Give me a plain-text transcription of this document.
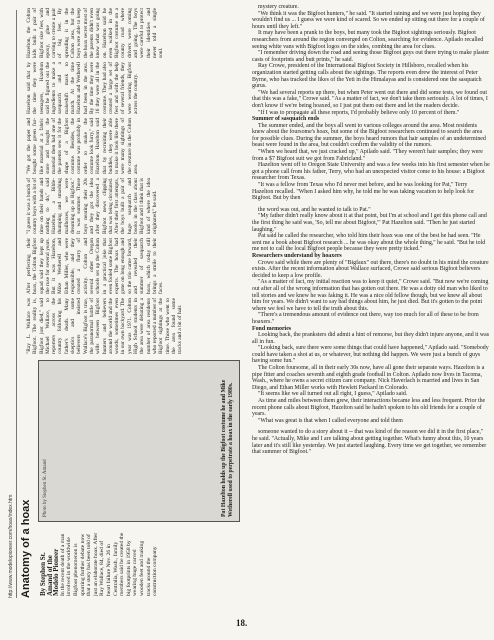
http://www.modelopioneer.com/hoax/index.htm Anatomy of a hoax By Stephen St. Amand of the Modelo Pioneer In the recent death of a man involved in the worldwide Bigfoot phenomenon is spurring further debate now that a story has been told of just an elaborate hoax. After Ray Wallace, 84, died of heart failure Nov. 26 in Centralia, Wash., family members said he created the big footprints in 1958 by wearing huge carved wooden feet and making tracks around the construction company
Photo by Stephen St. Amand	Pat Hazelton holds up the Bigfoot costume he and Mike Wetherell used to perpetrate a hoax in the early 1980s.
"Ray L. Wallace was Bigfoot. The reality is, Bigfoot just died," said Michael Wallace, to reporters across the country following his father's death. Many skeptics and some believers insisted Wallace's Bigfoot is true, the paranormal battle of wills between Bigfoot hunters and believers around the world and the woods, sometimes even in our own backyard. The year was 1971. Colton High School students in the area were debating a number of area residents who reported a number of Bigfoot sightings at the time. Those who went to the area found some tracks and a bit of hair.
After perfecting their hoax, the Colton Bigfoot squad said they kept up the ruse for several years. But it was Hazelton, Mike Wetherell and Ethan Miller, who were responsible, and they created a flurry of activity. Colton and several other Oregon schools set up the Colton in a practical joke that even fooled some Bigfoot experts. The hoax had gone on long enough and so the trio came forward, and revealed their summer of sasquatch hoax, which today still brings a smile to their faces.
"I guess it was a bunch of country boys with a lot of time on their hands and nothing to do," said Hazelton, a Bible-thumping and smashing mailboxes, we were dreaming up as Bigfoot." It was summer. Those boys nearing their 20s and they got the idea after they discovered a Bigfoot news clipping that was being circulated. After their first attempts, the boys built a pair of huge sasquatch and books in the class about Bigfoot and I think that is kind of where the idea originated," he said.
"We got the paper and bought some green fur-like material at a fabric store and bought the material then had one of the parents sew it for the shape of a Bigfoot costume. Besides, the costume was probably in order to make the costume look furry," said Hazelton. Hazelton said that by recruiting their buddies, they were able to make it look like there were many sightings of the creature in the Colton area.
Hazelton said that by the time they were teenagers, Hazelton said he figured out the ingredients to make a sasquatch and a makeshift mask to match. At the time Hazelton and Wetherell had been in the area. By the time they were 16 they were all in the costume. They had also created a large set of feet and with the help of several friends, they were wearing Bigfoot across the country.
Hazelton, the Colton kids built a pair of Bigfoot size feet, with epoxy, glue and carving to create a pair of big feet. By spreading it in the Colton area, but the boys were able to keep the hoax secret most of the parents didn't even know what was going on. Hazelton said he even walked in the Bigfoot costume on a county road where drivers were coming and going. The boys were careful to protect their identities and never told a single soul.

mystery creature.

"We think it was the Bigfoot hunters," he said. "It started raining and we were just hoping they wouldn't find us ... I guess we were kind of scared. So we ended up sitting out there for a couple of hours until they left."

It may have been a prank to the boys, but many took the Bigfoot sightings seriously. Bigfoot researchers from around the region converged on Colton, searching for evidence. Apilado recalled seeing white vans with Bigfoot logos on the sides, combing the area for clues.

"I remember driving down the road and seeing those Bigfoot guys out there trying to make plaster casts of footprints and butt prints," he said.

Ray Crowe, president of the International Bigfoot Society in Hillsboro, recalled when his organization started getting calls about the sightings. The reports even drew the interest of Peter Byrne, who has tracked the likes of the Yeti in the Himalayas and is considered one the sasquatch gurus.

"We had several reports up there, but when Peter went out there and did some tests, we found out that this was a fake," Crowe said. "As a matter of fact, we don't take them seriously. A lot of times, I don't know if we're being hoaxed, so I just put them out there and let the readers decide.

"If I was to propagate all these reports, I'd probably believe only 10 percent of them."

Summer of sasquatch ends

The summer ended, and the boys all went to various colleges around the area. Most residents knew about the foursome's hoax, but some of the Bigfoot researchers continued to search the area for possible clues. During the summer, the boys heard rumors that hair samples of an undetermined beast were found in the area, but couldn't confirm the validity of the rumors.

"When we heard that, we just cracked up," Apilado said. "They weren't hair samples; they were from a $7 Bigfoot suit we got from Fabricland."

Hazelton went off to Oregon State University and was a few weeks into his first semester when he got a phone call from his father, Terry, who had an unexpected visitor come to his house: a Bigfoot researcher from Texas.

"It was a fellow from Texas who I'd never met before, and he was looking for Pat," Terry Hazelton recalled. "When I asked him why, he told me he was taking vacation to help look for Bigfoot. But by then

the word was out, and he wanted to talk to Pat."

"My father didn't really know about it at that point, but I'm at school and I get this phone call and the first thing he said was, 'So, tell me about Bigfoot,'" Pat Hazelton said. "Then he just started laughing."

Pat said he called the researcher, who told him their hoax was one of the best he had seen. "He sent me a book about Bigfoot research ... he was okay about the whole thing," he said. "But he told me not to call the local Bigfoot people because they were pretty ticked."

Researchers understand by hoaxers

Crowe said while there are plenty of "Bigfaux" out there, there's no doubt in his mind the creature exists. After the recent information about Wallace surfaced, Crowe said serious Bigfoot believers decided to keep a low profile.

"As a matter of fact, my initial reaction was to keep it quiet," Crowe said. "But now we're coming out after all of the wrong information that has gotten out there. He was a dotty old man who liked to tell stories and we knew he was faking it. He was a nice old fellow though, but we knew all about him for years. We didn't want to say bad things about him, he just died. But it's gotten to the point where we feel we have to tell the truth about this.

"There's a tremendous amount of evidence out there, way too much for all of these to be from hoaxers."

Fond memories

Looking back, the pranksters did admit a hint of remorse, but they didn't injure anyone, and it was all in fun.

"Looking back, sure there were some things that could have happened," Apilado said. "Somebody could have taken a shot at us, or whatever, but nothing did happen. We were just a bunch of guys having some fun."

The Colton foursome, all in their early 30s now, have all gone their separate ways. Hazelton is a pipe fitter and coaches seventh and eighth grade football in Colton. Apilado now lives in Tacoma, Wash., where he owns a secret citizen care company. Nick Haverlach is married and lives in San Diego, and Ethan Miller works with Hewlett Packard in Colorado.

"It seems like we all turned out all right, I guess," Apilado said.

As time and miles between them grew, their interactions became less and less frequent. Prior the recent phone calls about Bigfoot, Hazelton said he hadn't spoken to his old friends for a couple of years.

"What was great is that when I called everyone and told them

someone wanted to do a story about it -- that was kind of the reason we did it in the first place," he said. "Actually, Mike and I are talking about getting together. What's funny about this, 10 years later and it's still like yesterday. We just started laughing. Every time we get together, we remember that summer of Bigfoot."

18.
